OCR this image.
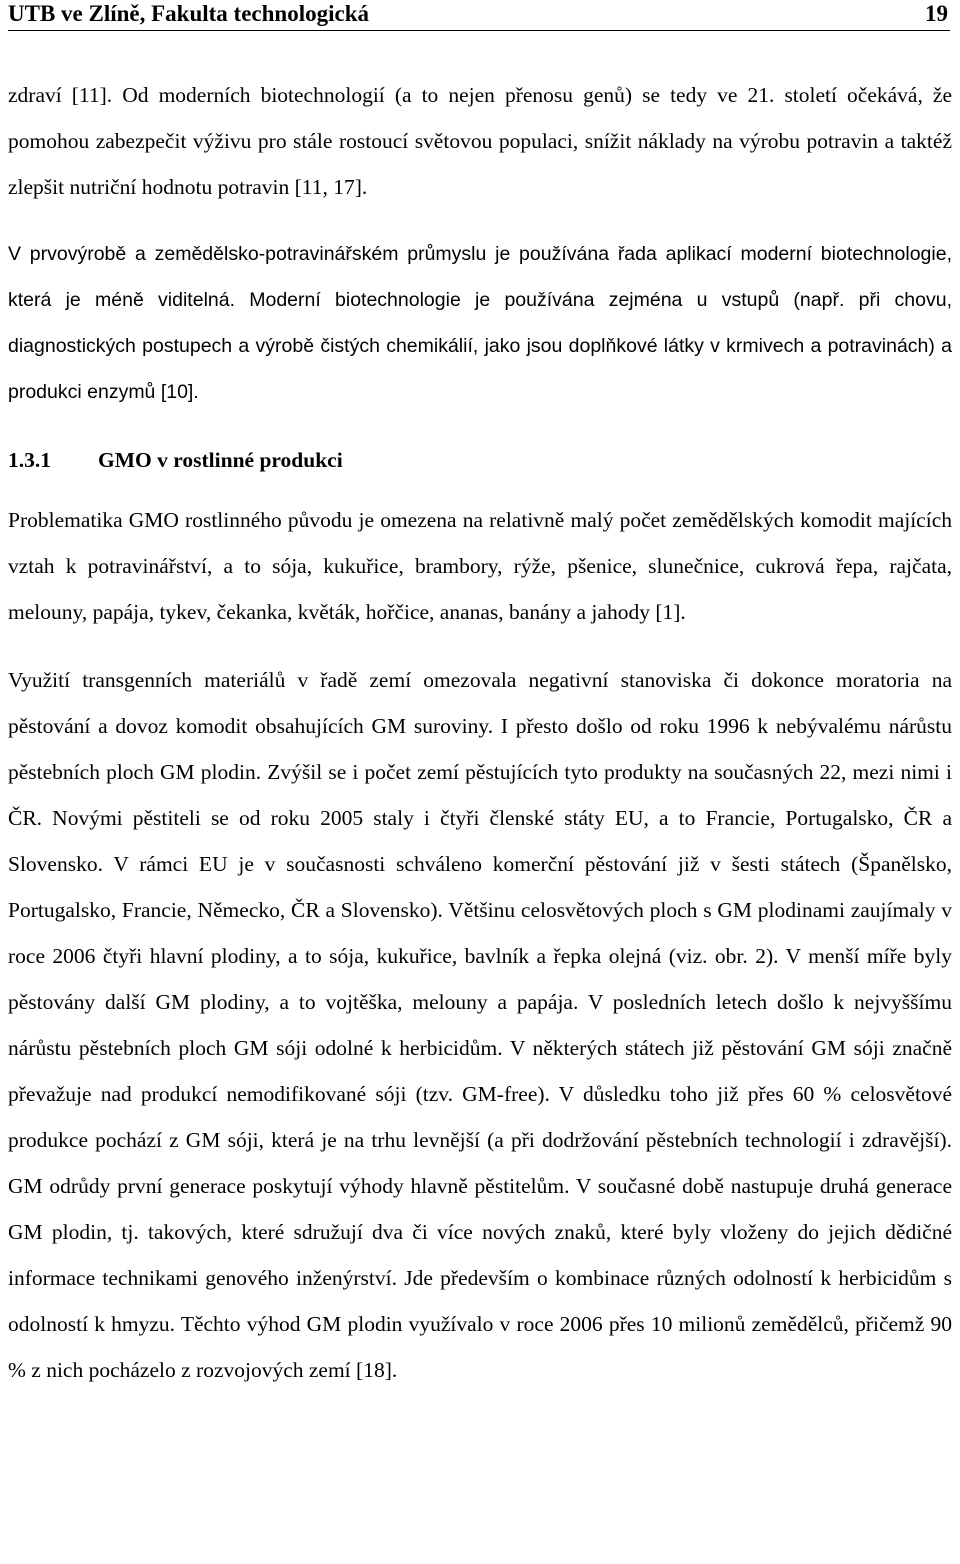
UTB ve Zlíně, Fakulta technologická	19

zdraví [11]. Od moderních biotechnologií (a to nejen přenosu genů) se tedy ve 21. století očekává, že pomohou zabezpečit výživu pro stále rostoucí světovou populaci, snížit náklady na výrobu potravin a taktéž zlepšit nutriční hodnotu potravin [11, 17].

V prvovýrobě a zemědělsko-potravinářském průmyslu je používána řada aplikací moderní biotechnologie, která je méně viditelná. Moderní biotechnologie je používána zejména u vstupů (např. při chovu, diagnostických postupech a výrobě čistých chemikálií, jako jsou doplňkové látky v krmivech a potravinách) a produkci enzymů [10].

1.3.1 GMO v rostlinné produkci

Problematika GMO rostlinného původu je omezena na relativně malý počet zemědělských komodit majících vztah k potravinářství, a to sója, kukuřice, brambory, rýže, pšenice, slunečnice, cukrová řepa, rajčata, melouny, papája, tykev, čekanka, květák, hořčice, ananas, banány a jahody [1].

Využití transgenních materiálů v řadě zemí omezovala negativní stanoviska či dokonce moratoria na pěstování a dovoz komodit obsahujících GM suroviny. I přesto došlo od roku 1996 k nebývalému nárůstu pěstebních ploch GM plodin. Zvýšil se i počet zemí pěstujících tyto produkty na současných 22, mezi nimi i ČR. Novými pěstiteli se od roku 2005 staly i čtyři členské státy EU, a to Francie, Portugalsko, ČR a Slovensko. V rámci EU je v současnosti schváleno komerční pěstování již v šesti státech (Španělsko, Portugalsko, Francie, Německo, ČR a Slovensko). Většinu celosvětových ploch s GM plodinami zaujímaly v roce 2006 čtyři hlavní plodiny, a to sója, kukuřice, bavlník a řepka olejná (viz. obr. 2). V menší míře byly pěstovány další GM plodiny, a to vojtěška, melouny a papája. V posledních letech došlo k nejvyššímu nárůstu pěstebních ploch GM sóji odolné k herbicidům. V některých státech již pěstování GM sóji značně převažuje nad produkcí nemodifikované sóji (tzv. GM-free). V důsledku toho již přes 60 % celosvětové produkce pochází z GM sóji, která je na trhu levnější (a při dodržování pěstebních technologií i zdravější). GM odrůdy první generace poskytují výhody hlavně pěstitelům. V současné době nastupuje druhá generace GM plodin, tj. takových, které sdružují dva či více nových znaků, které byly vloženy do jejich dědičné informace technikami genového inženýrství. Jde především o kombinace různých odolností k herbicidům s odolností k hmyzu. Těchto výhod GM plodin využívalo v roce 2006 přes 10 milionů zemědělců, přičemž 90 % z nich pocházelo z rozvojových zemí [18].
